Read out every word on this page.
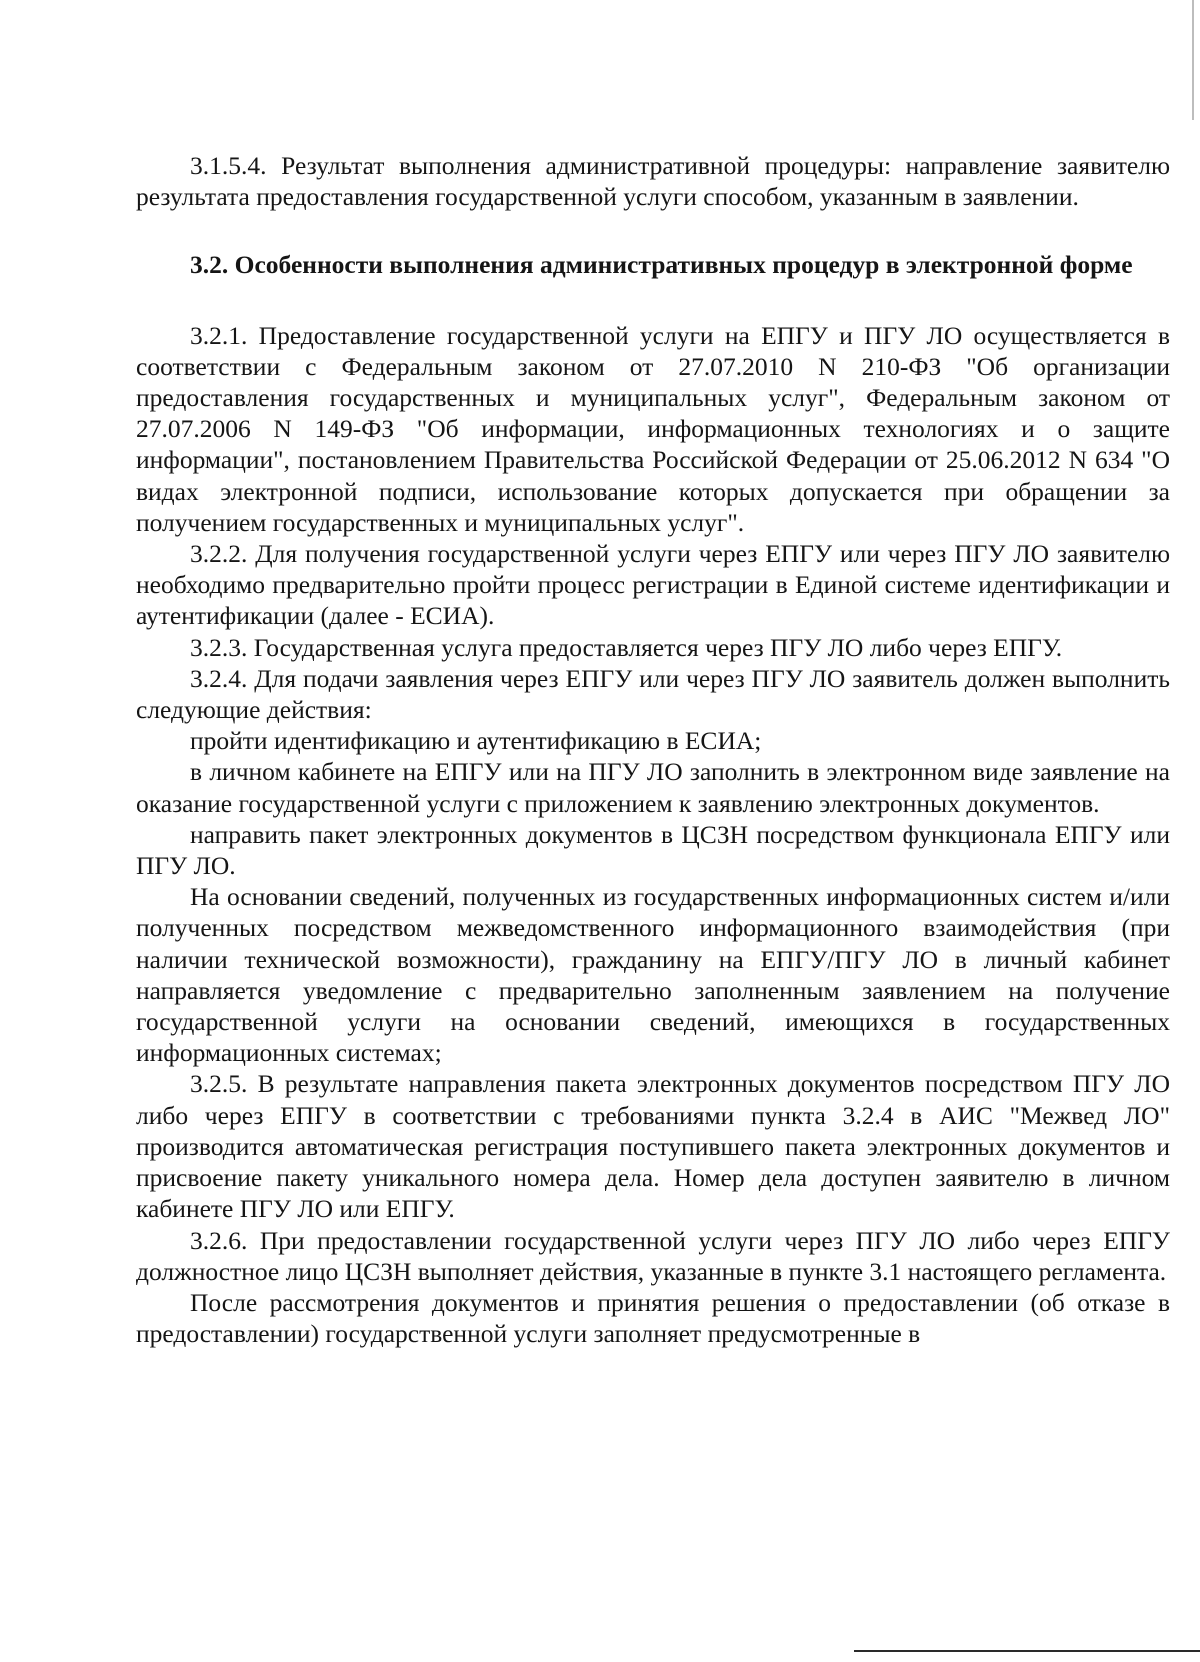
3.1.5.4. Результат выполнения административной процедуры: направление заявителю результата предоставления государственной услуги способом, указанным в заявлении.

3.2. Особенности выполнения административных процедур в электронной форме

3.2.1. Предоставление государственной услуги на ЕПГУ и ПГУ ЛО осуществляется в соответствии с Федеральным законом от 27.07.2010 N 210-ФЗ "Об организации предоставления государственных и муниципальных услуг", Федеральным законом от 27.07.2006 N 149-ФЗ "Об информации, информационных технологиях и о защите информации", постановлением Правительства Российской Федерации от 25.06.2012 N 634 "О видах электронной подписи, использование которых допускается при обращении за получением государственных и муниципальных услуг".

3.2.2. Для получения государственной услуги через ЕПГУ или через ПГУ ЛО заявителю необходимо предварительно пройти процесс регистрации в Единой системе идентификации и аутентификации (далее - ЕСИА).

3.2.3. Государственная услуга предоставляется через ПГУ ЛО либо через ЕПГУ.

3.2.4. Для подачи заявления через ЕПГУ или через ПГУ ЛО заявитель должен выполнить следующие действия:

пройти идентификацию и аутентификацию в ЕСИА;

в личном кабинете на ЕПГУ или на ПГУ ЛО заполнить в электронном виде заявление на оказание государственной услуги с приложением к заявлению электронных документов.

направить пакет электронных документов в ЦСЗН посредством функционала ЕПГУ или ПГУ ЛО.

На основании сведений, полученных из государственных информационных систем и/или полученных посредством межведомственного информационного взаимодействия (при наличии технической возможности), гражданину на ЕПГУ/ПГУ ЛО в личный кабинет направляется уведомление с предварительно заполненным заявлением на получение государственной услуги на основании сведений, имеющихся в государственных информационных системах;

3.2.5. В результате направления пакета электронных документов посредством ПГУ ЛО либо через ЕПГУ в соответствии с требованиями пункта 3.2.4 в АИС "Межвед ЛО" производится автоматическая регистрация поступившего пакета электронных документов и присвоение пакету уникального номера дела. Номер дела доступен заявителю в личном кабинете ПГУ ЛО или ЕПГУ.

3.2.6. При предоставлении государственной услуги через ПГУ ЛО либо через ЕПГУ должностное лицо ЦСЗН выполняет действия, указанные в пункте 3.1 настоящего регламента.

После рассмотрения документов и принятия решения о предоставлении (об отказе в предоставлении) государственной услуги заполняет предусмотренные в
